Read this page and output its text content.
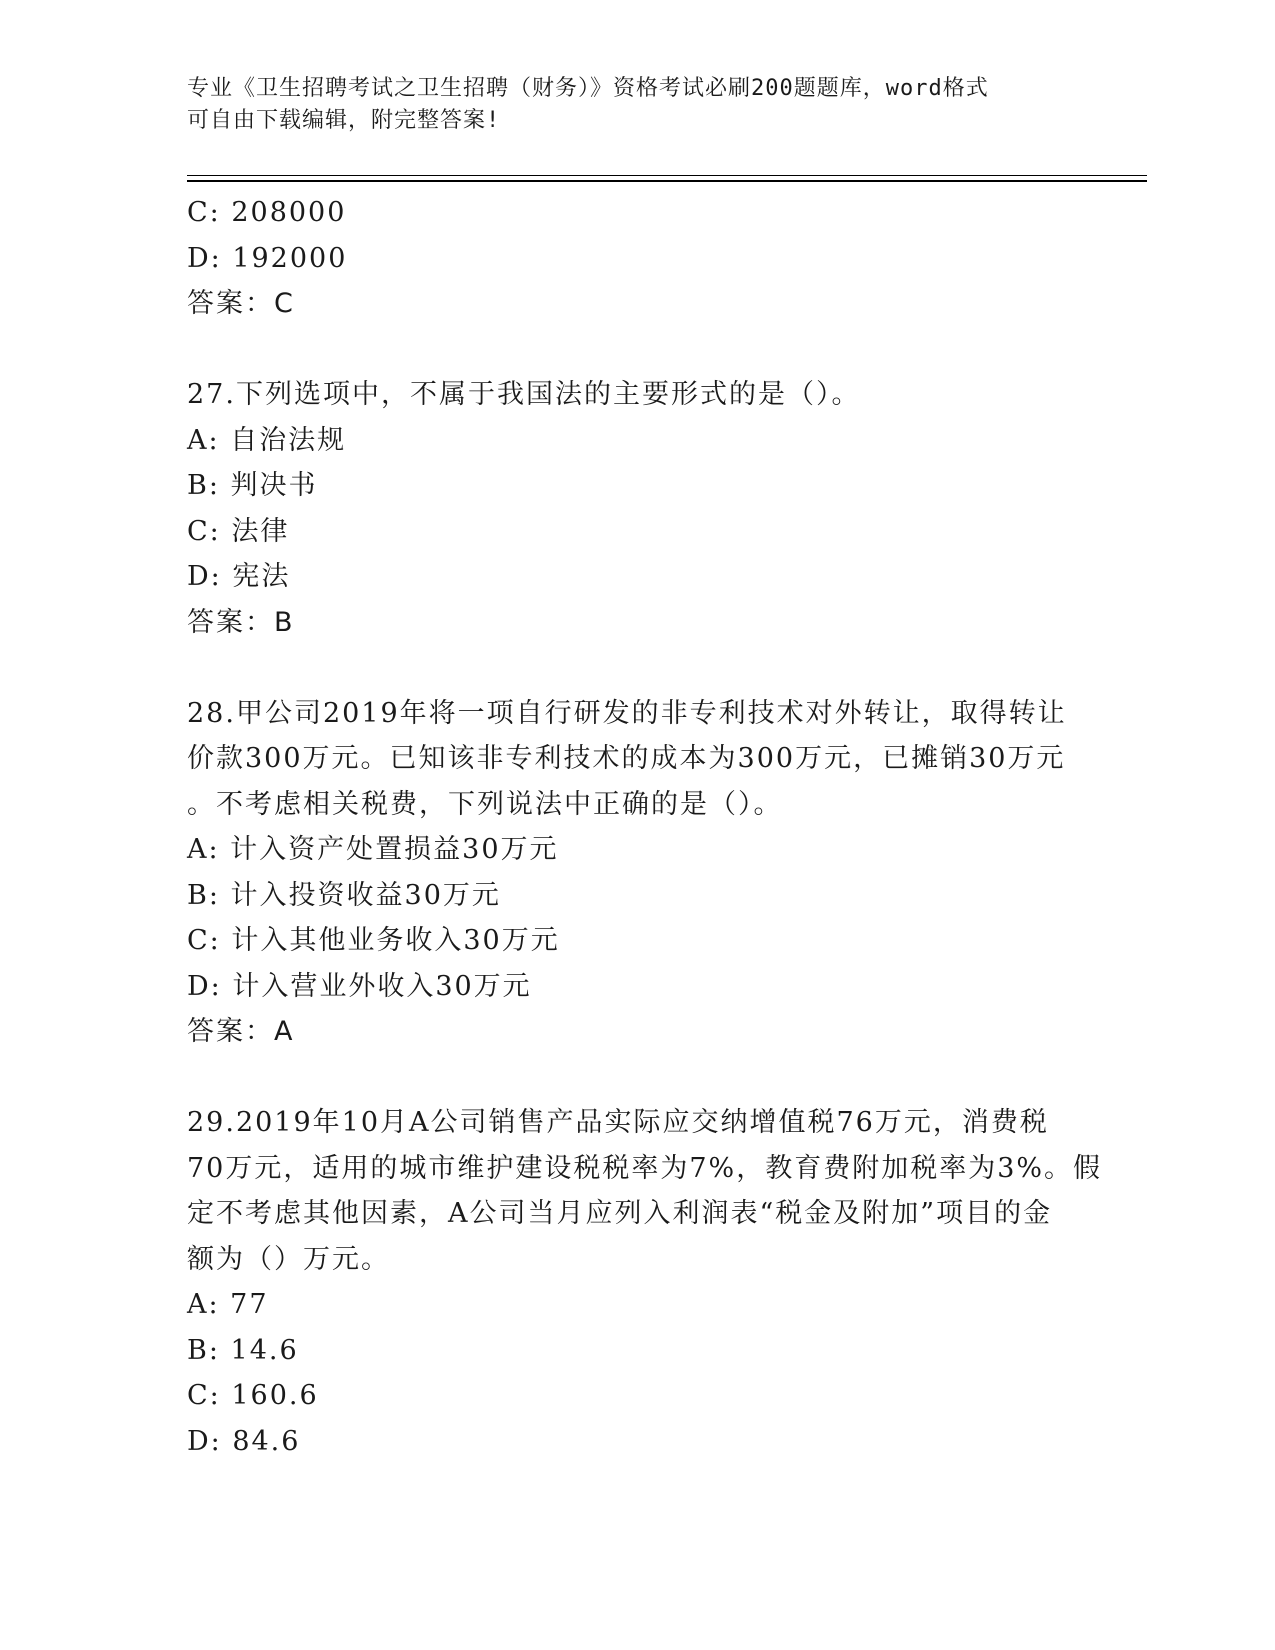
专业《卫生招聘考试之卫生招聘（财务）》资格考试必刷200题题库，word格式
可自由下载编辑，附完整答案!
C: 208000
D: 192000
答案：C
27.下列选项中，不属于我国法的主要形式的是（）。
A: 自治法规
B: 判决书
C: 法律
D: 宪法
答案：B
28.甲公司2019年将一项自行研发的非专利技术对外转让，取得转让
价款300万元。已知该非专利技术的成本为300万元，已摊销30万元
。不考虑相关税费，下列说法中正确的是（）。
A: 计入资产处置损益30万元
B: 计入投资收益30万元
C: 计入其他业务收入30万元
D: 计入营业外收入30万元
答案：A
29.2019年10月A公司销售产品实际应交纳增值税76万元，消费税
70万元，适用的城市维护建设税税率为7%，教育费附加税率为3%。假
定不考虑其他因素，A公司当月应列入利润表“税金及附加”项目的金
额为（）万元。
A: 77
B: 14.6
C: 160.6
D: 84.6
